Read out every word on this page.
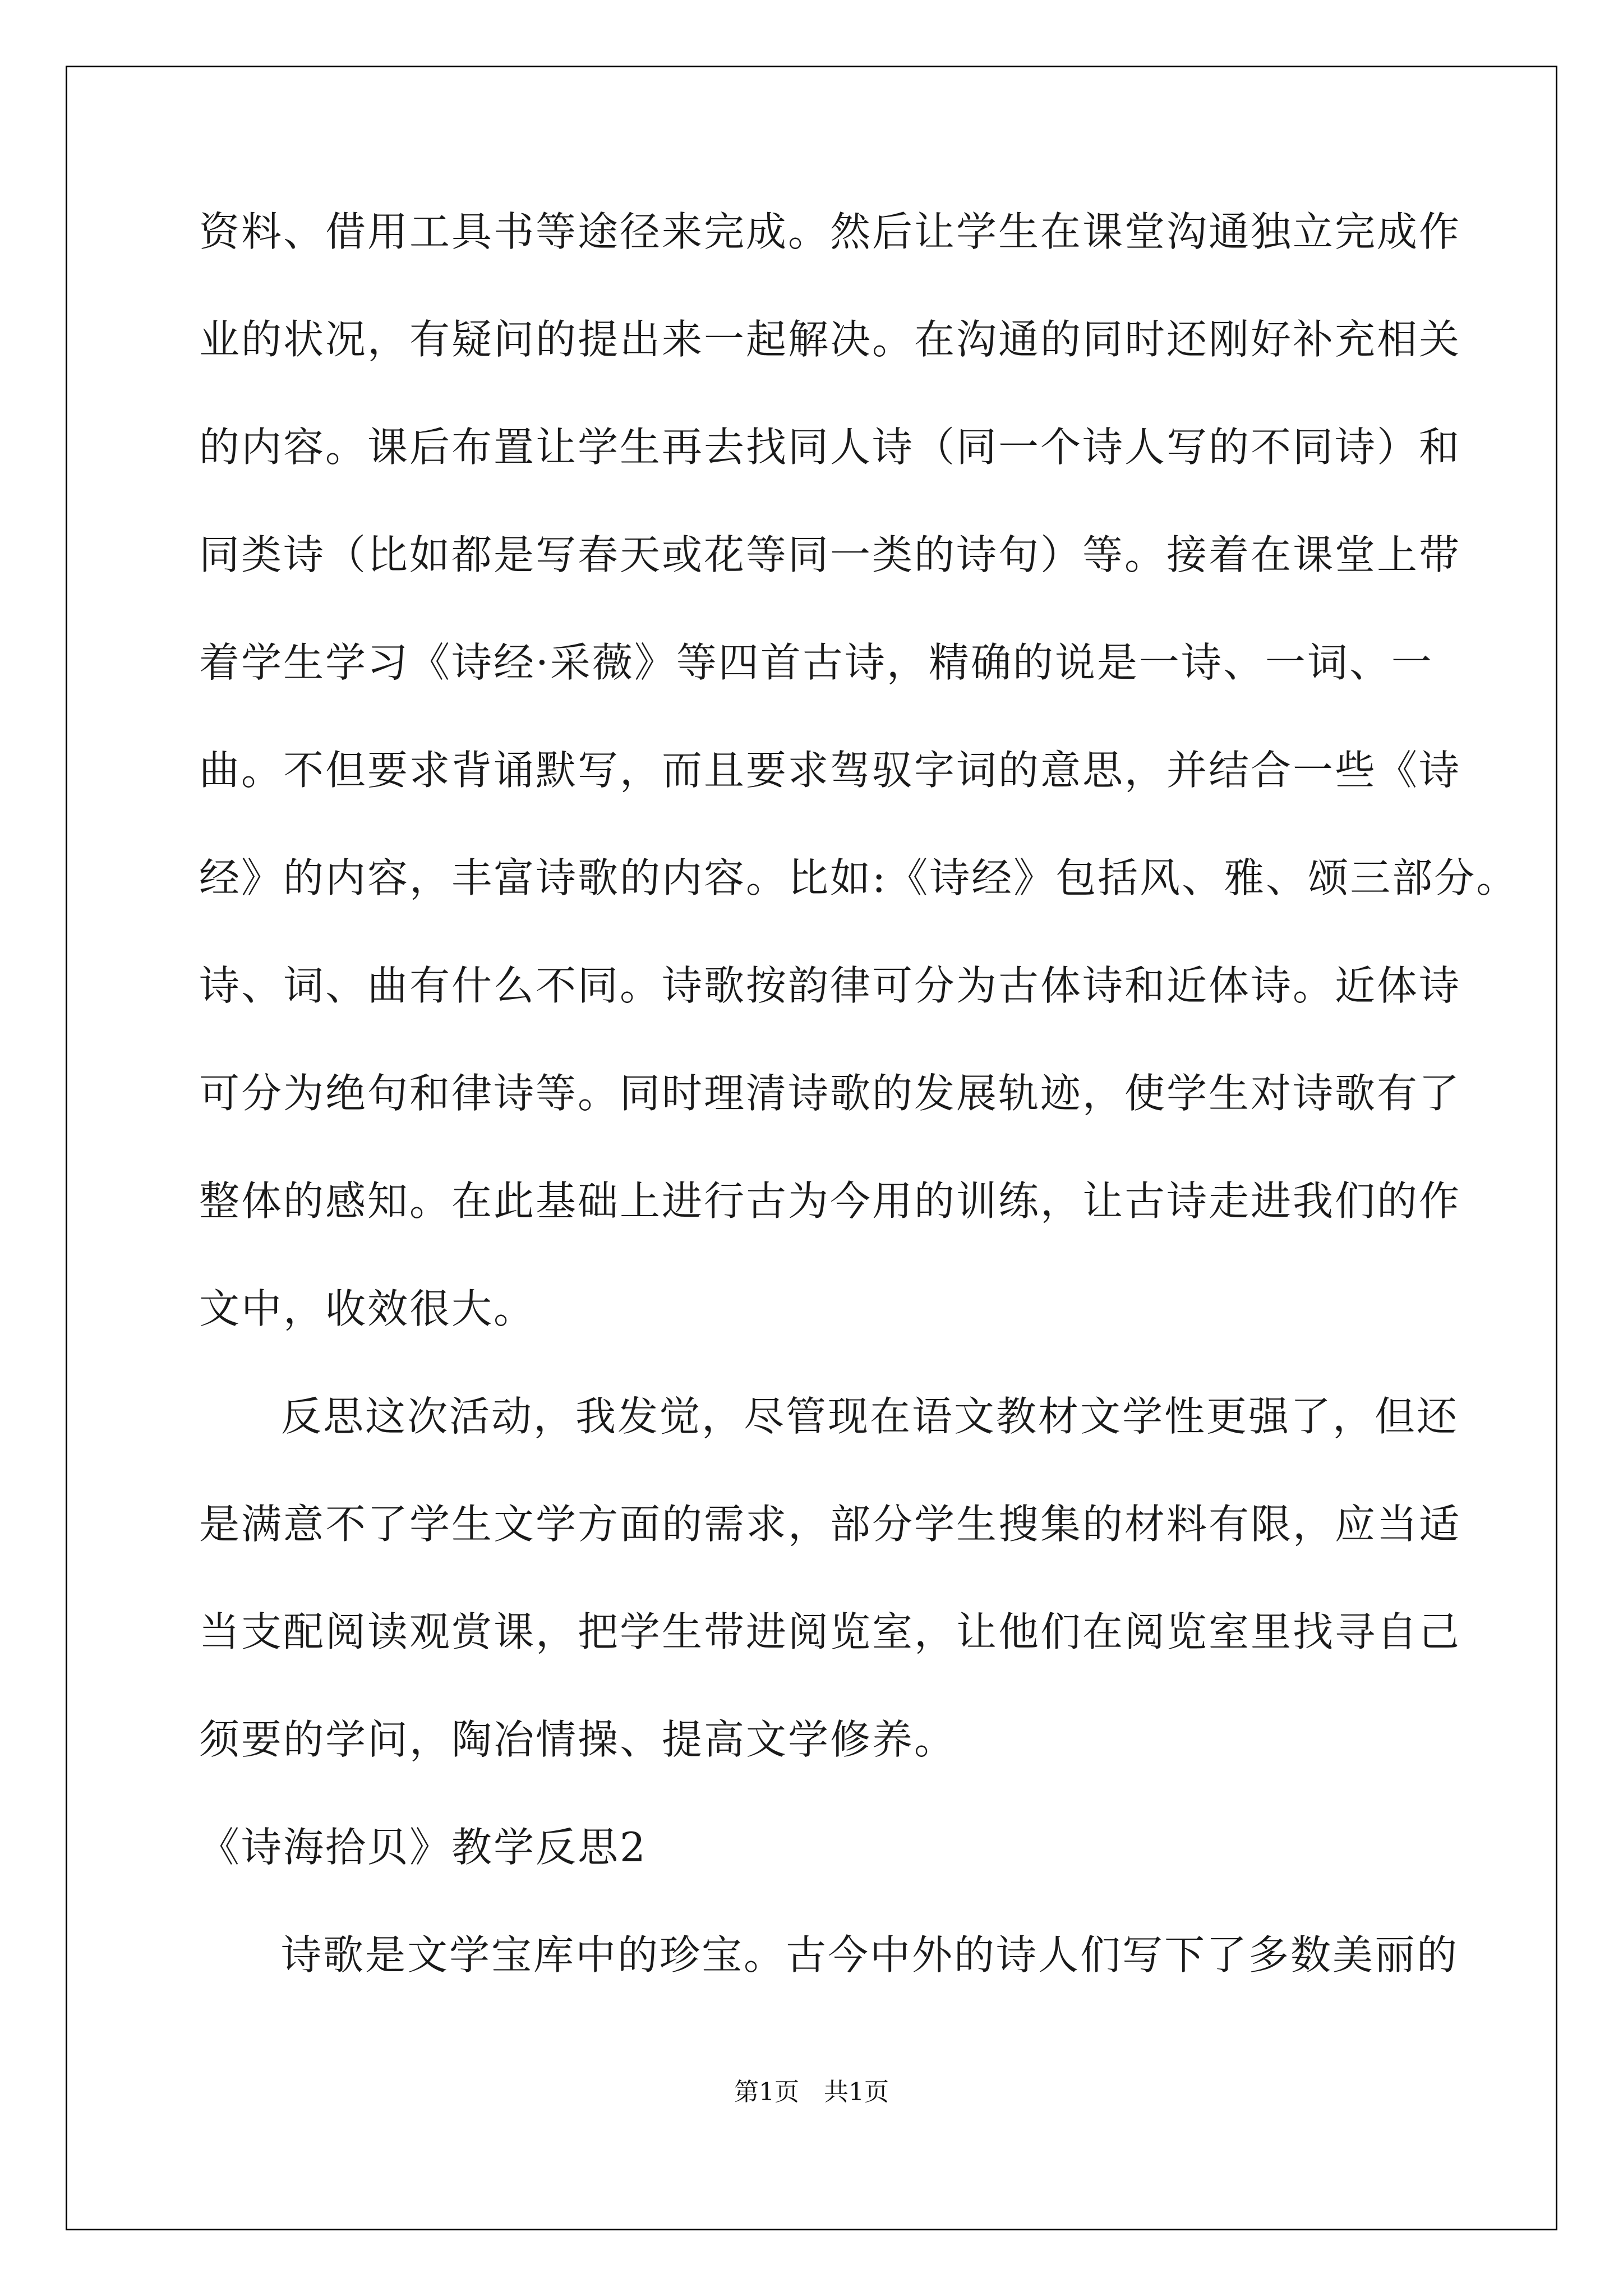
资料、借用工具书等途径来完成。然后让学生在课堂沟通独立完成作
业的状况，有疑问的提出来一起解决。在沟通的同时还刚好补充相关
的内容。课后布置让学生再去找同人诗（同一个诗人写的不同诗）和
同类诗（比如都是写春天或花等同一类的诗句）等。接着在课堂上带
着学生学习《诗经·采薇》等四首古诗，精确的说是一诗、一词、一
曲。不但要求背诵默写，而且要求驾驭字词的意思，并结合一些《诗
经》的内容，丰富诗歌的内容。比如:《诗经》包括风、雅、颂三部分。
诗、词、曲有什么不同。诗歌按韵律可分为古体诗和近体诗。近体诗
可分为绝句和律诗等。同时理清诗歌的发展轨迹，使学生对诗歌有了
整体的感知。在此基础上进行古为今用的训练，让古诗走进我们的作
文中，收效很大。
反思这次活动，我发觉，尽管现在语文教材文学性更强了，但还
是满意不了学生文学方面的需求，部分学生搜集的材料有限，应当适
当支配阅读观赏课，把学生带进阅览室，让他们在阅览室里找寻自己
须要的学问，陶冶情操、提高文学修养。
《诗海拾贝》教学反思2
诗歌是文学宝库中的珍宝。古今中外的诗人们写下了多数美丽的
第1页　共1页
